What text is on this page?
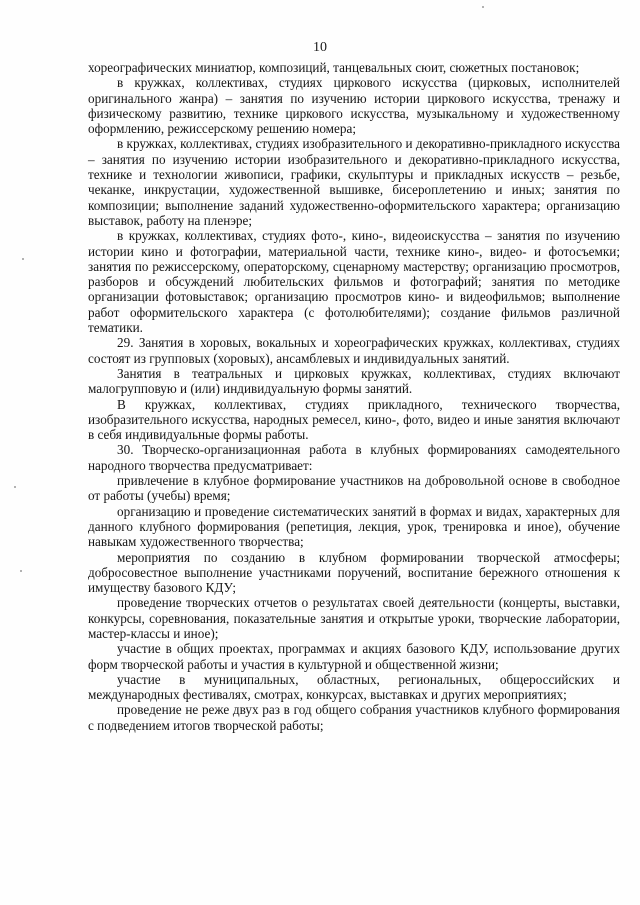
10

хореографических миниатюр, композиций, танцевальных сюит, сюжетных постановок;

в кружках, коллективах, студиях циркового искусства (цирковых, исполнителей оригинального жанра) – занятия по изучению истории циркового искусства, тренажу и физическому развитию, технике циркового искусства, музыкальному и художественному оформлению, режиссерскому решению номера;

в кружках, коллективах, студиях изобразительного и декоративно-прикладного искусства – занятия по изучению истории изобразительного и декоративно-прикладного искусства, технике и технологии живописи, графики, скульптуры и прикладных искусств – резьбе, чеканке, инкрустации, художественной вышивке, бисероплетению и иных; занятия по композиции; выполнение заданий художественно-оформительского характера; организацию выставок, работу на пленэре;

в кружках, коллективах, студиях фото-, кино-, видеоискусства – занятия по изучению истории кино и фотографии, материальной части, технике кино-, видео- и фотосъемки; занятия по режиссерскому, операторскому, сценарному мастерству; организацию просмотров, разборов и обсуждений любительских фильмов и фотографий; занятия по методике организации фотовыставок; организацию просмотров кино- и видеофильмов; выполнение работ оформительского характера (с фотолюбителями); создание фильмов различной тематики.

29. Занятия в хоровых, вокальных и хореографических кружках, коллективах, студиях состоят из групповых (хоровых), ансамблевых и индивидуальных занятий.

Занятия в театральных и цирковых кружках, коллективах, студиях включают малогрупповую и (или) индивидуальную формы занятий.

В кружках, коллективах, студиях прикладного, технического творчества, изобразительного искусства, народных ремесел, кино-, фото, видео и иные занятия включают в себя индивидуальные формы работы.

30. Творческо-организационная работа в клубных формированиях самодеятельного народного творчества предусматривает:

привлечение в клубное формирование участников на добровольной основе в свободное от работы (учебы) время;

организацию и проведение систематических занятий в формах и видах, характерных для данного клубного формирования (репетиция, лекция, урок, тренировка и иное), обучение навыкам художественного творчества;

мероприятия по созданию в клубном формировании творческой атмосферы; добросовестное выполнение участниками поручений, воспитание бережного отношения к имуществу базового КДУ;

проведение творческих отчетов о результатах своей деятельности (концерты, выставки, конкурсы, соревнования, показательные занятия и открытые уроки, творческие лаборатории, мастер-классы и иное);

участие в общих проектах, программах и акциях базового КДУ, использование других форм творческой работы и участия в культурной и общественной жизни;

участие в муниципальных, областных, региональных, общероссийских и международных фестивалях, смотрах, конкурсах, выставках и других мероприятиях;

проведение не реже двух раз в год общего собрания участников клубного формирования с подведением итогов творческой работы;
